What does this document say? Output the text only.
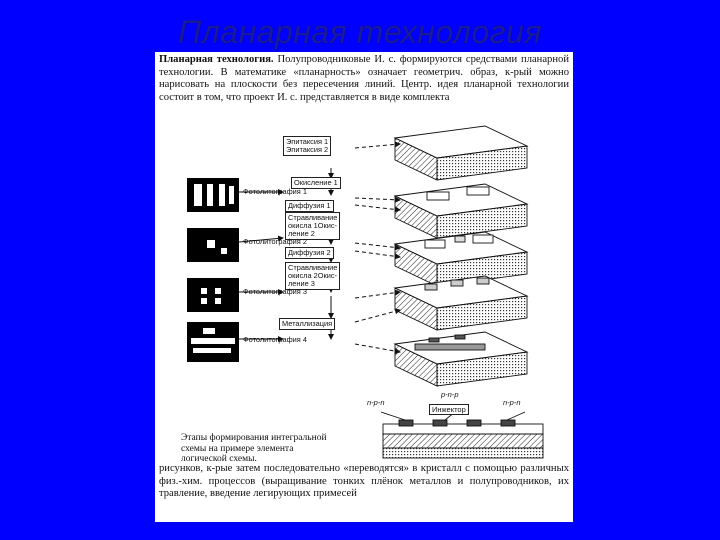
Планарная технология
Планарная технология. Полупроводниковые И. с. формируются средствами планарной технологии. В математике «планарность» означает геометрич. образ, к-рый можно нарисовать на плоскости без пересечения линий. Центр. идея планарной технологии состоит в том, что проект И. с. представляется в виде комплекта
Эпитаксия 1
Эпитаксия 2
Окисление 1
Фотолитография 1
Диффузия 1
Стравливание
окисла 1Окис-
ление 2
Фотолитография 2
Диффузия 2
Стравливание
окисла 2Окис-
ление 3
Фотолитография 3
Металлизация
Фотолитография 4
n-p-n
p-n-p
Инжектор
n-p-n
Этапы формирования интегральной схемы на примере элемента логической схемы.
рисунков, к-рые затем последовательно «переводятся» в кристалл с помощью различных физ.-хим. процессов (выращивание тонких плёнок металлов и полупроводников, их травление, введение легирующих примесей
